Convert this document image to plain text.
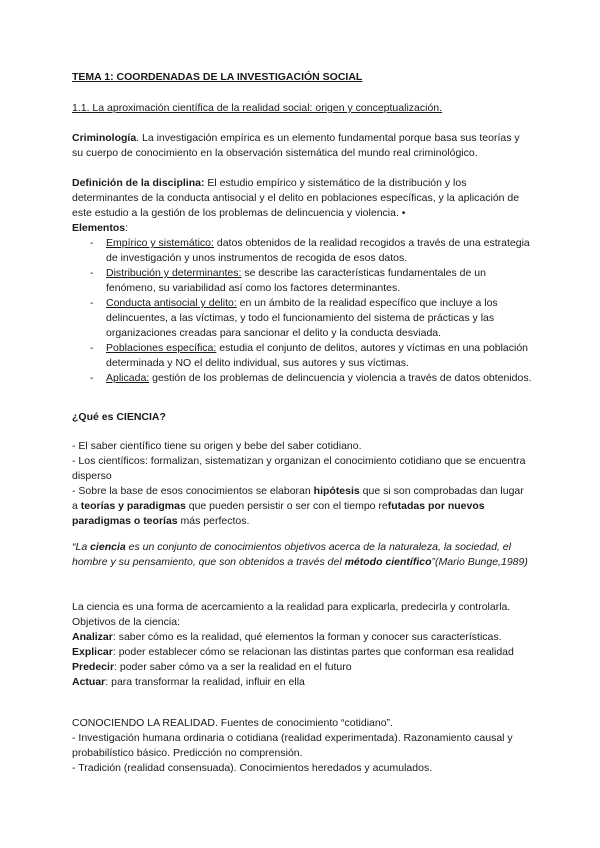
TEMA 1: COORDENADAS DE LA INVESTIGACIÓN SOCIAL

1.1. La aproximación científica de la realidad social: origen y conceptualización.

Criminología. La investigación empírica es un elemento fundamental porque basa sus teorías y su cuerpo de conocimiento en la observación sistemática del mundo real criminológico.

Definición de la disciplina: El estudio empírico y sistemático de la distribución y los determinantes de la conducta antisocial y el delito en poblaciones específicas, y la aplicación de este estudio a la gestión de los problemas de delincuencia y violencia. •

Elementos:

- Empírico y sistemático: datos obtenidos de la realidad recogidos a través de una estrategia de investigación y unos instrumentos de recogida de esos datos.
- Distribución y determinantes: se describe las características fundamentales de un fenómeno, su variabilidad así como los factores determinantes.
- Conducta antisocial y delito: en un ámbito de la realidad específico que incluye a los delincuentes, a las víctimas, y todo el funcionamiento del sistema de prácticas y las organizaciones creadas para sancionar el delito y la conducta desviada.
- Poblaciones específica: estudia el conjunto de delitos, autores y víctimas en una población determinada y NO el delito individual, sus autores y sus víctimas.
- Aplicada: gestión de los problemas de delincuencia y violencia a través de datos obtenidos.

¿Qué es CIENCIA?

- El saber científico tiene su origen y bebe del saber cotidiano.

- Los científicos: formalizan, sistematizan y organizan el conocimiento cotidiano que se encuentra disperso

- Sobre la base de esos conocimientos se elaboran hipótesis que si son comprobadas dan lugar a teorías y paradigmas que pueden persistir o ser con el tiempo refutadas por nuevos paradigmas o teorías más perfectos.

“La ciencia es un conjunto de conocimientos objetivos acerca de la naturaleza, la sociedad, el hombre y su pensamiento, que son obtenidos a través del método científico”(Mario Bunge,1989)

La ciencia es una forma de acercamiento a la realidad para explicarla, predecirla y controlarla. Objetivos de la ciencia:

Analizar: saber cómo es la realidad, qué elementos la forman y conocer sus características.

Explicar: poder establecer cómo se relacionan las distintas partes que conforman esa realidad

Predecir: poder saber cómo va a ser la realidad en el futuro

Actuar: para transformar la realidad, influir en ella

CONOCIENDO LA REALIDAD. Fuentes de conocimiento “cotidiano”.

- Investigación humana ordinaria o cotidiana (realidad experimentada). Razonamiento causal y probabilístico básico. Predicción no comprensión.

- Tradición (realidad consensuada). Conocimientos heredados y acumulados.
